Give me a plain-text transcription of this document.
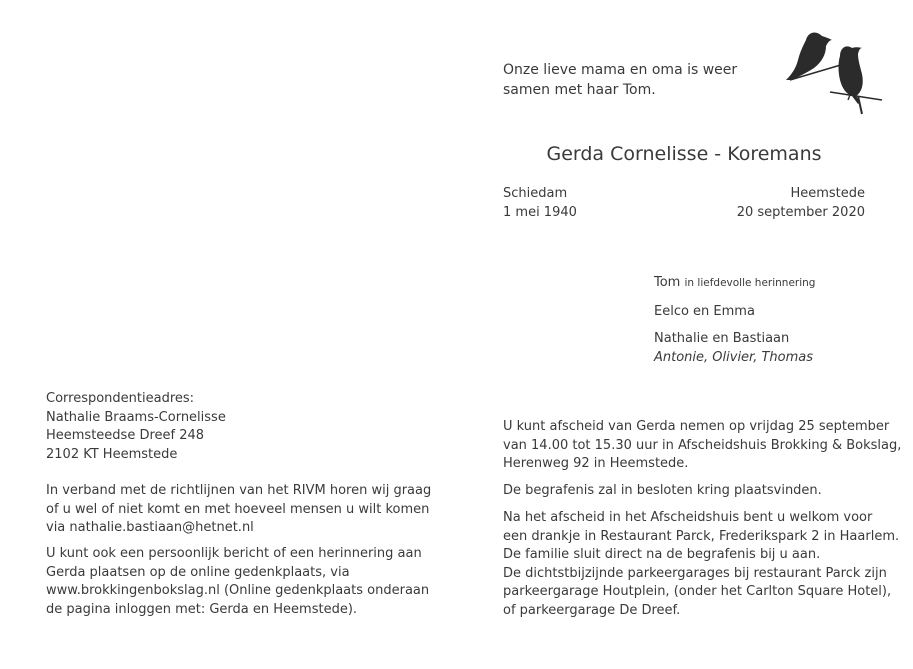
Onze lieve mama en oma is weer
samen met haar Tom.
Gerda Cornelisse - Koremans
Schiedam
1 mei 1940
Heemstede
20 september 2020
Tom in liefdevolle herinnering
Eelco en Emma
Nathalie en Bastiaan
Antonie, Olivier, Thomas
Correspondentieadres:
Nathalie Braams-Cornelisse
Heemsteedse Dreef 248
2102 KT Heemstede
In verband met de richtlijnen van het RIVM horen wij graag
of u wel of niet komt en met hoeveel mensen u wilt komen
via nathalie.bastiaan@hetnet.nl
U kunt ook een persoonlijk bericht of een herinnering aan
Gerda plaatsen op de online gedenkplaats, via
www.brokkingenbokslag.nl (Online gedenkplaats onderaan
de pagina inloggen met: Gerda en Heemstede).
U kunt afscheid van Gerda nemen op vrijdag 25 september
van 14.00 tot 15.30 uur in Afscheidshuis Brokking & Bokslag,
Herenweg 92 in Heemstede.
De begrafenis zal in besloten kring plaatsvinden.
Na het afscheid in het Afscheidshuis bent u welkom voor
een drankje in Restaurant Parck, Frederikspark 2 in Haarlem.
De familie sluit direct na de begrafenis bij u aan.
De dichtstbijzijnde parkeergarages bij restaurant Parck zijn
parkeergarage Houtplein, (onder het Carlton Square Hotel),
of parkeergarage De Dreef.
